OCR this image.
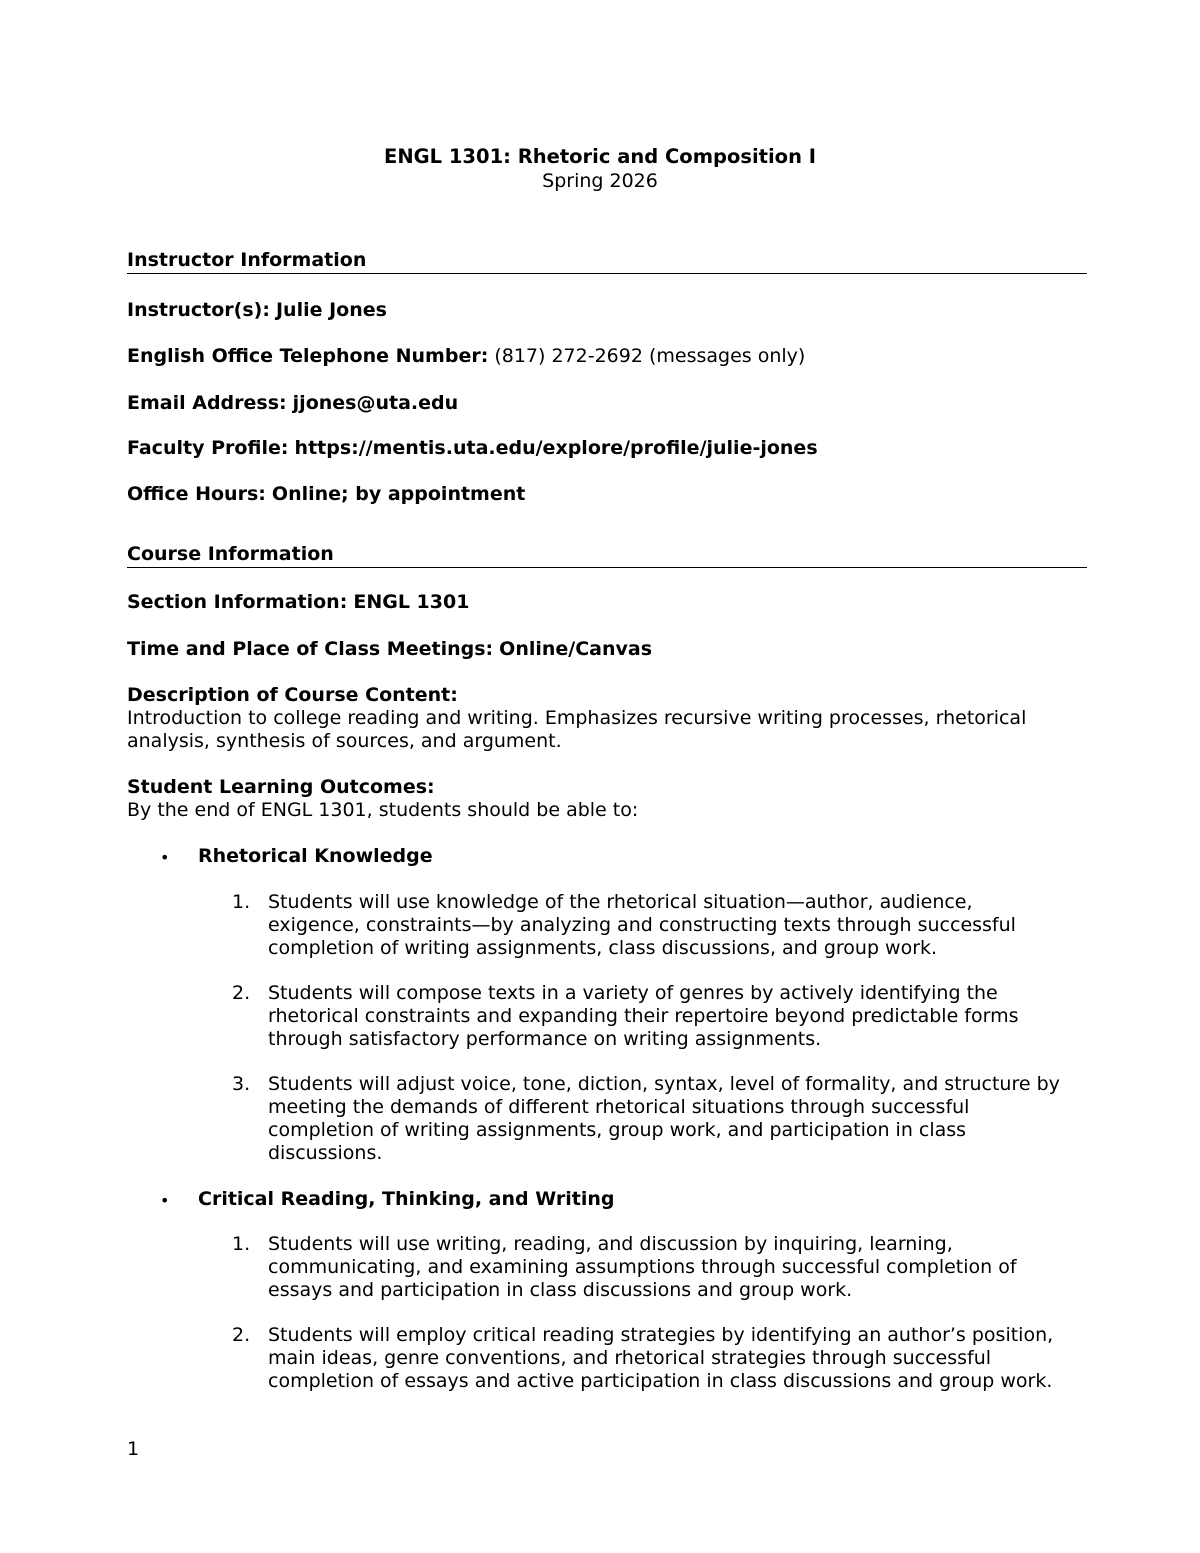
ENGL 1301: Rhetoric and Composition I
Spring 2026
Instructor Information
Instructor(s): Julie Jones
English Office Telephone Number: (817) 272-2692 (messages only)
Email Address: jjones@uta.edu
Faculty Profile: https://mentis.uta.edu/explore/profile/julie-jones
Office Hours: Online; by appointment
Course Information
Section Information: ENGL 1301
Time and Place of Class Meetings: Online/Canvas
Description of Course Content:
Introduction to college reading and writing. Emphasizes recursive writing processes, rhetorical
analysis, synthesis of sources, and argument.
Student Learning Outcomes:
By the end of ENGL 1301, students should be able to:
•	Rhetorical Knowledge
1. Students will use knowledge of the rhetorical situation—author, audience,
exigence, constraints—by analyzing and constructing texts through successful
completion of writing assignments, class discussions, and group work.
2. Students will compose texts in a variety of genres by actively identifying the
rhetorical constraints and expanding their repertoire beyond predictable forms
through satisfactory performance on writing assignments.
3. Students will adjust voice, tone, diction, syntax, level of formality, and structure by
meeting the demands of different rhetorical situations through successful
completion of writing assignments, group work, and participation in class
discussions.
•	Critical Reading, Thinking, and Writing
1. Students will use writing, reading, and discussion by inquiring, learning,
communicating, and examining assumptions through successful completion of
essays and participation in class discussions and group work.
2. Students will employ critical reading strategies by identifying an author’s position,
main ideas, genre conventions, and rhetorical strategies through successful
completion of essays and active participation in class discussions and group work.
1
